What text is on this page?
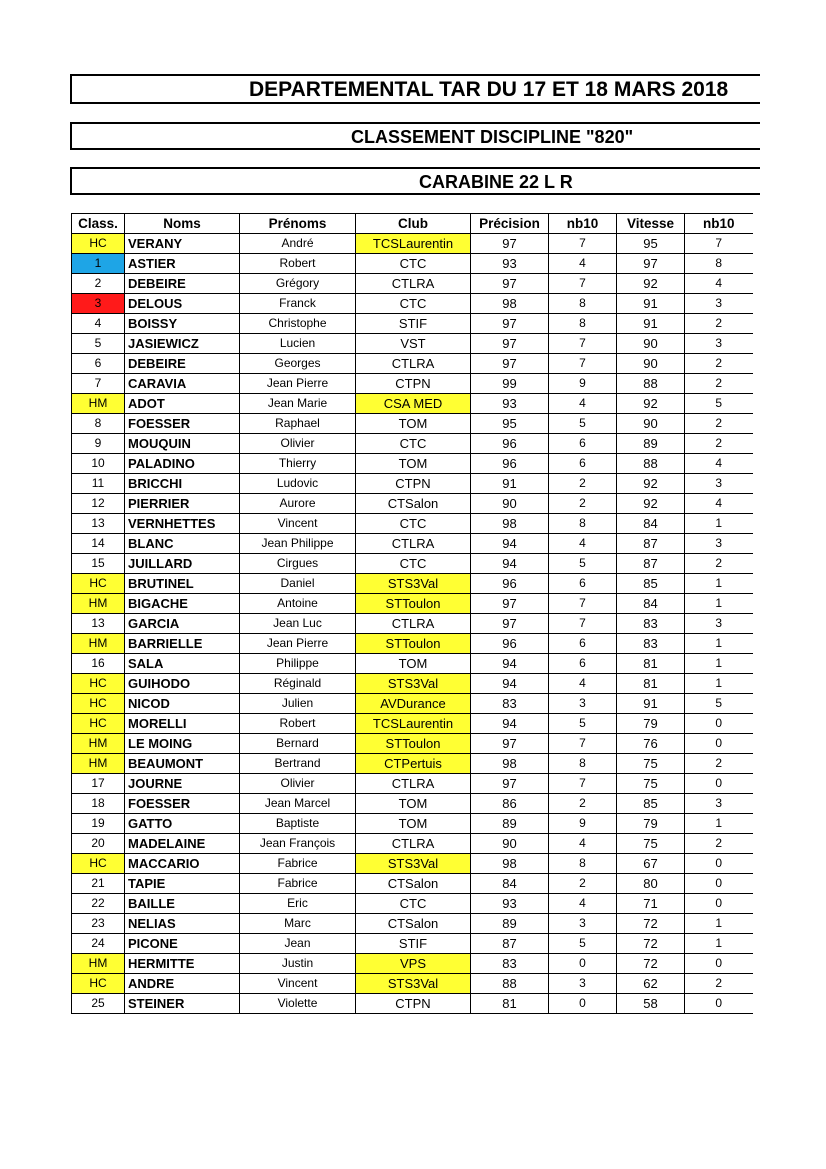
DEPARTEMENTAL TAR DU 17 ET 18 MARS 2018
CLASSEMENT DISCIPLINE "820"
CARABINE 22 L R
Class.	Noms	Prénoms	Club	Précision	nb10	Vitesse	nb10
HC	VERANY	André	TCSLaurentin	97	7	95	7
1	ASTIER	Robert	CTC	93	4	97	8
2	DEBEIRE	Grégory	CTLRA	97	7	92	4
3	DELOUS	Franck	CTC	98	8	91	3
4	BOISSY	Christophe	STIF	97	8	91	2
5	JASIEWICZ	Lucien	VST	97	7	90	3
6	DEBEIRE	Georges	CTLRA	97	7	90	2
7	CARAVIA	Jean Pierre	CTPN	99	9	88	2
HM	ADOT	Jean Marie	CSA MED	93	4	92	5
8	FOESSER	Raphael	TOM	95	5	90	2
9	MOUQUIN	Olivier	CTC	96	6	89	2
10	PALADINO	Thierry	TOM	96	6	88	4
11	BRICCHI	Ludovic	CTPN	91	2	92	3
12	PIERRIER	Aurore	CTSalon	90	2	92	4
13	VERNHETTES	Vincent	CTC	98	8	84	1
14	BLANC	Jean Philippe	CTLRA	94	4	87	3
15	JUILLARD	Cirgues	CTC	94	5	87	2
HC	BRUTINEL	Daniel	STS3Val	96	6	85	1
HM	BIGACHE	Antoine	STToulon	97	7	84	1
13	GARCIA	Jean Luc	CTLRA	97	7	83	3
HM	BARRIELLE	Jean Pierre	STToulon	96	6	83	1
16	SALA	Philippe	TOM	94	6	81	1
HC	GUIHODO	Réginald	STS3Val	94	4	81	1
HC	NICOD	Julien	AVDurance	83	3	91	5
HC	MORELLI	Robert	TCSLaurentin	94	5	79	0
HM	LE MOING	Bernard	STToulon	97	7	76	0
HM	BEAUMONT	Bertrand	CTPertuis	98	8	75	2
17	JOURNE	Olivier	CTLRA	97	7	75	0
18	FOESSER	Jean Marcel	TOM	86	2	85	3
19	GATTO	Baptiste	TOM	89	9	79	1
20	MADELAINE	Jean François	CTLRA	90	4	75	2
HC	MACCARIO	Fabrice	STS3Val	98	8	67	0
21	TAPIE	Fabrice	CTSalon	84	2	80	0
22	BAILLE	Eric	CTC	93	4	71	0
23	NELIAS	Marc	CTSalon	89	3	72	1
24	PICONE	Jean	STIF	87	5	72	1
HM	HERMITTE	Justin	VPS	83	0	72	0
HC	ANDRE	Vincent	STS3Val	88	3	62	2
25	STEINER	Violette	CTPN	81	0	58	0
